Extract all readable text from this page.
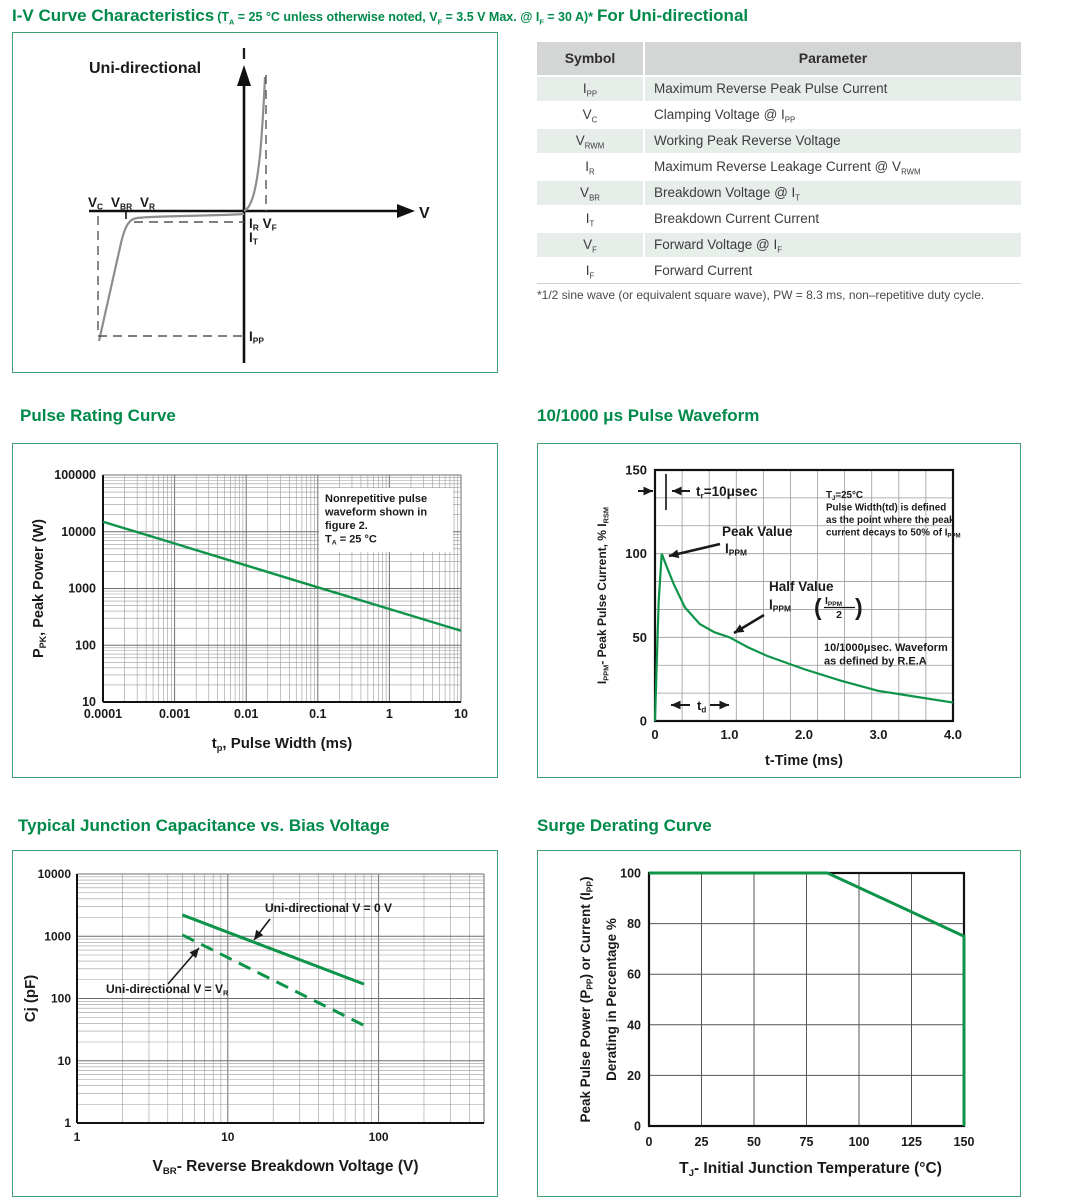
I-V Curve Characteristics ($T_A = 25$ °C unless otherwise noted, $V_F = 3.5$ V Max. @ $I_F = 30$ A)* For Uni-directional
I
V
Uni-directional
$V_C$ $V_{BR}$ $V_R$
$I_R$ $V_F$
$I_T$
$I_{PP}$
Symbol	Parameter
$I_{PP}$	Maximum Reverse Peak Pulse Current
$V_C$	Clamping Voltage @ $I_{PP}$
$V_{RWM}$	Working Peak Reverse Voltage
$I_R$	Maximum Reverse Leakage Current @ $V_{RWM}$
$V_{BR}$	Breakdown Voltage @ $I_T$
$I_T$	Breakdown Current Current
$V_F$	Forward Voltage @ $I_F$
$I_F$	Forward Current
*1/2 sine wave (or equivalent square wave), PW = 8.3 ms, non–repetitive duty cycle.
Pulse Rating Curve
100000
10000
1000
100
10
0.0001	0.001	0.01	0.1	1	10
PPK, Peak Power (W)
$t_p$, Pulse Width (ms)
Nonrepetitive pulse
waveform shown in
figure 2.
$T_A = 25$ °C
10/1000 μs Pulse Waveform
150
100
50
0
0	1.0	2.0	3.0	4.0
IPPM- Peak Pulse Current, % IRSM
t-Time (ms)
$t_r=10\mu\sec$	$T_J=25^\circ C$
Pulse Width(td) is defined
as the point where the peak
current decays to 50% of $I_{PPM}$
Peak Value
$I_{PPM}$
Half Value
$I_{PPM}$ ( $I_{PPM}$
2 )
10/1000μsec. Waveform
as defined by R.E.A
$t_d$
Typical Junction Capacitance vs. Bias Voltage
10000
1000
100
10
1
1	10	100
Cj (pF)
$V_{BR}-$ Reverse Breakdown Voltage (V)
Uni-directional V = 0 V
Uni-directional V = VR
Surge Derating Curve
100
80
60
40
20
0
0	25	50	75	100	125	150
Peak Pulse Power $(P_{PP})$ or Current $(I_{PP})$
Derating in Percentage %
$T_J-$ Initial Junction Temperature (°C)
